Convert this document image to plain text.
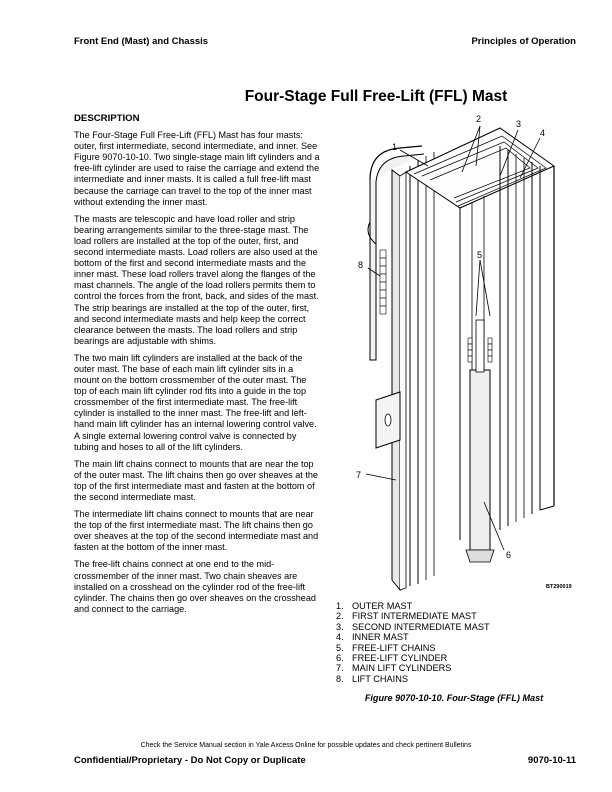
Front End (Mast) and Chassis	Principles of Operation
Four-Stage Full Free-Lift (FFL) Mast
DESCRIPTION

The Four-Stage Full Free-Lift (FFL) Mast has four masts: outer, first intermediate, second intermediate, and inner. See Figure 9070-10-10. Two single-stage main lift cylinders and a free-lift cylinder are used to raise the carriage and extend the intermediate and inner masts. It is called a full free-lift mast because the carriage can travel to the top of the inner mast without extending the inner mast.

The masts are telescopic and have load roller and strip bearing arrangements similar to the three-stage mast. The load rollers are installed at the top of the outer, first, and second intermediate masts. Load rollers are also used at the bottom of the first and second intermediate masts and the inner mast. These load rollers travel along the flanges of the mast channels. The angle of the load rollers permits them to control the forces from the front, back, and sides of the mast. The strip bearings are installed at the top of the outer, first, and second intermediate masts and help keep the correct clearance between the masts. The load rollers and strip bearings are adjustable with shims.

The two main lift cylinders are installed at the back of the outer mast. The base of each main lift cylinder sits in a mount on the bottom crossmember of the outer mast. The top of each main lift cylinder rod fits into a guide in the top crossmember of the first intermediate mast. The free-lift cylinder is installed to the inner mast. The free-lift and left-hand main lift cylinder has an internal lowering control valve. A single external lowering control valve is connected by tubing and hoses to all of the lift cylinders.

The main lift chains connect to mounts that are near the top of the outer mast. The lift chains then go over sheaves at the top of the first intermediate mast and fasten at the bottom of the second intermediate mast.

The intermediate lift chains connect to mounts that are near the top of the first intermediate mast. The lift chains then go over sheaves at the top of the second intermediate mast and fasten at the bottom of the inner mast.

The free-lift chains connect at one end to the mid-crossmember of the inner mast. Two chain sheaves are installed on a crosshead on the cylinder rod of the free-lift cylinder. The chains then go over sheaves on the crosshead and connect to the carriage.

1
2	3
4
5
6
7
8
BT290019
1. OUTER MAST
2. FIRST INTERMEDIATE MAST
3. SECOND INTERMEDIATE MAST
4. INNER MAST
5. FREE-LIFT CHAINS
6. FREE-LIFT CYLINDER
7. MAIN LIFT CYLINDERS
8. LIFT CHAINS
Figure 9070-10-10. Four-Stage (FFL) Mast
Check the Service Manual section in Yale Axcess Online for possible updates and check pertinent Bulletins
Confidential/Proprietary - Do Not Copy or Duplicate	9070-10-11
